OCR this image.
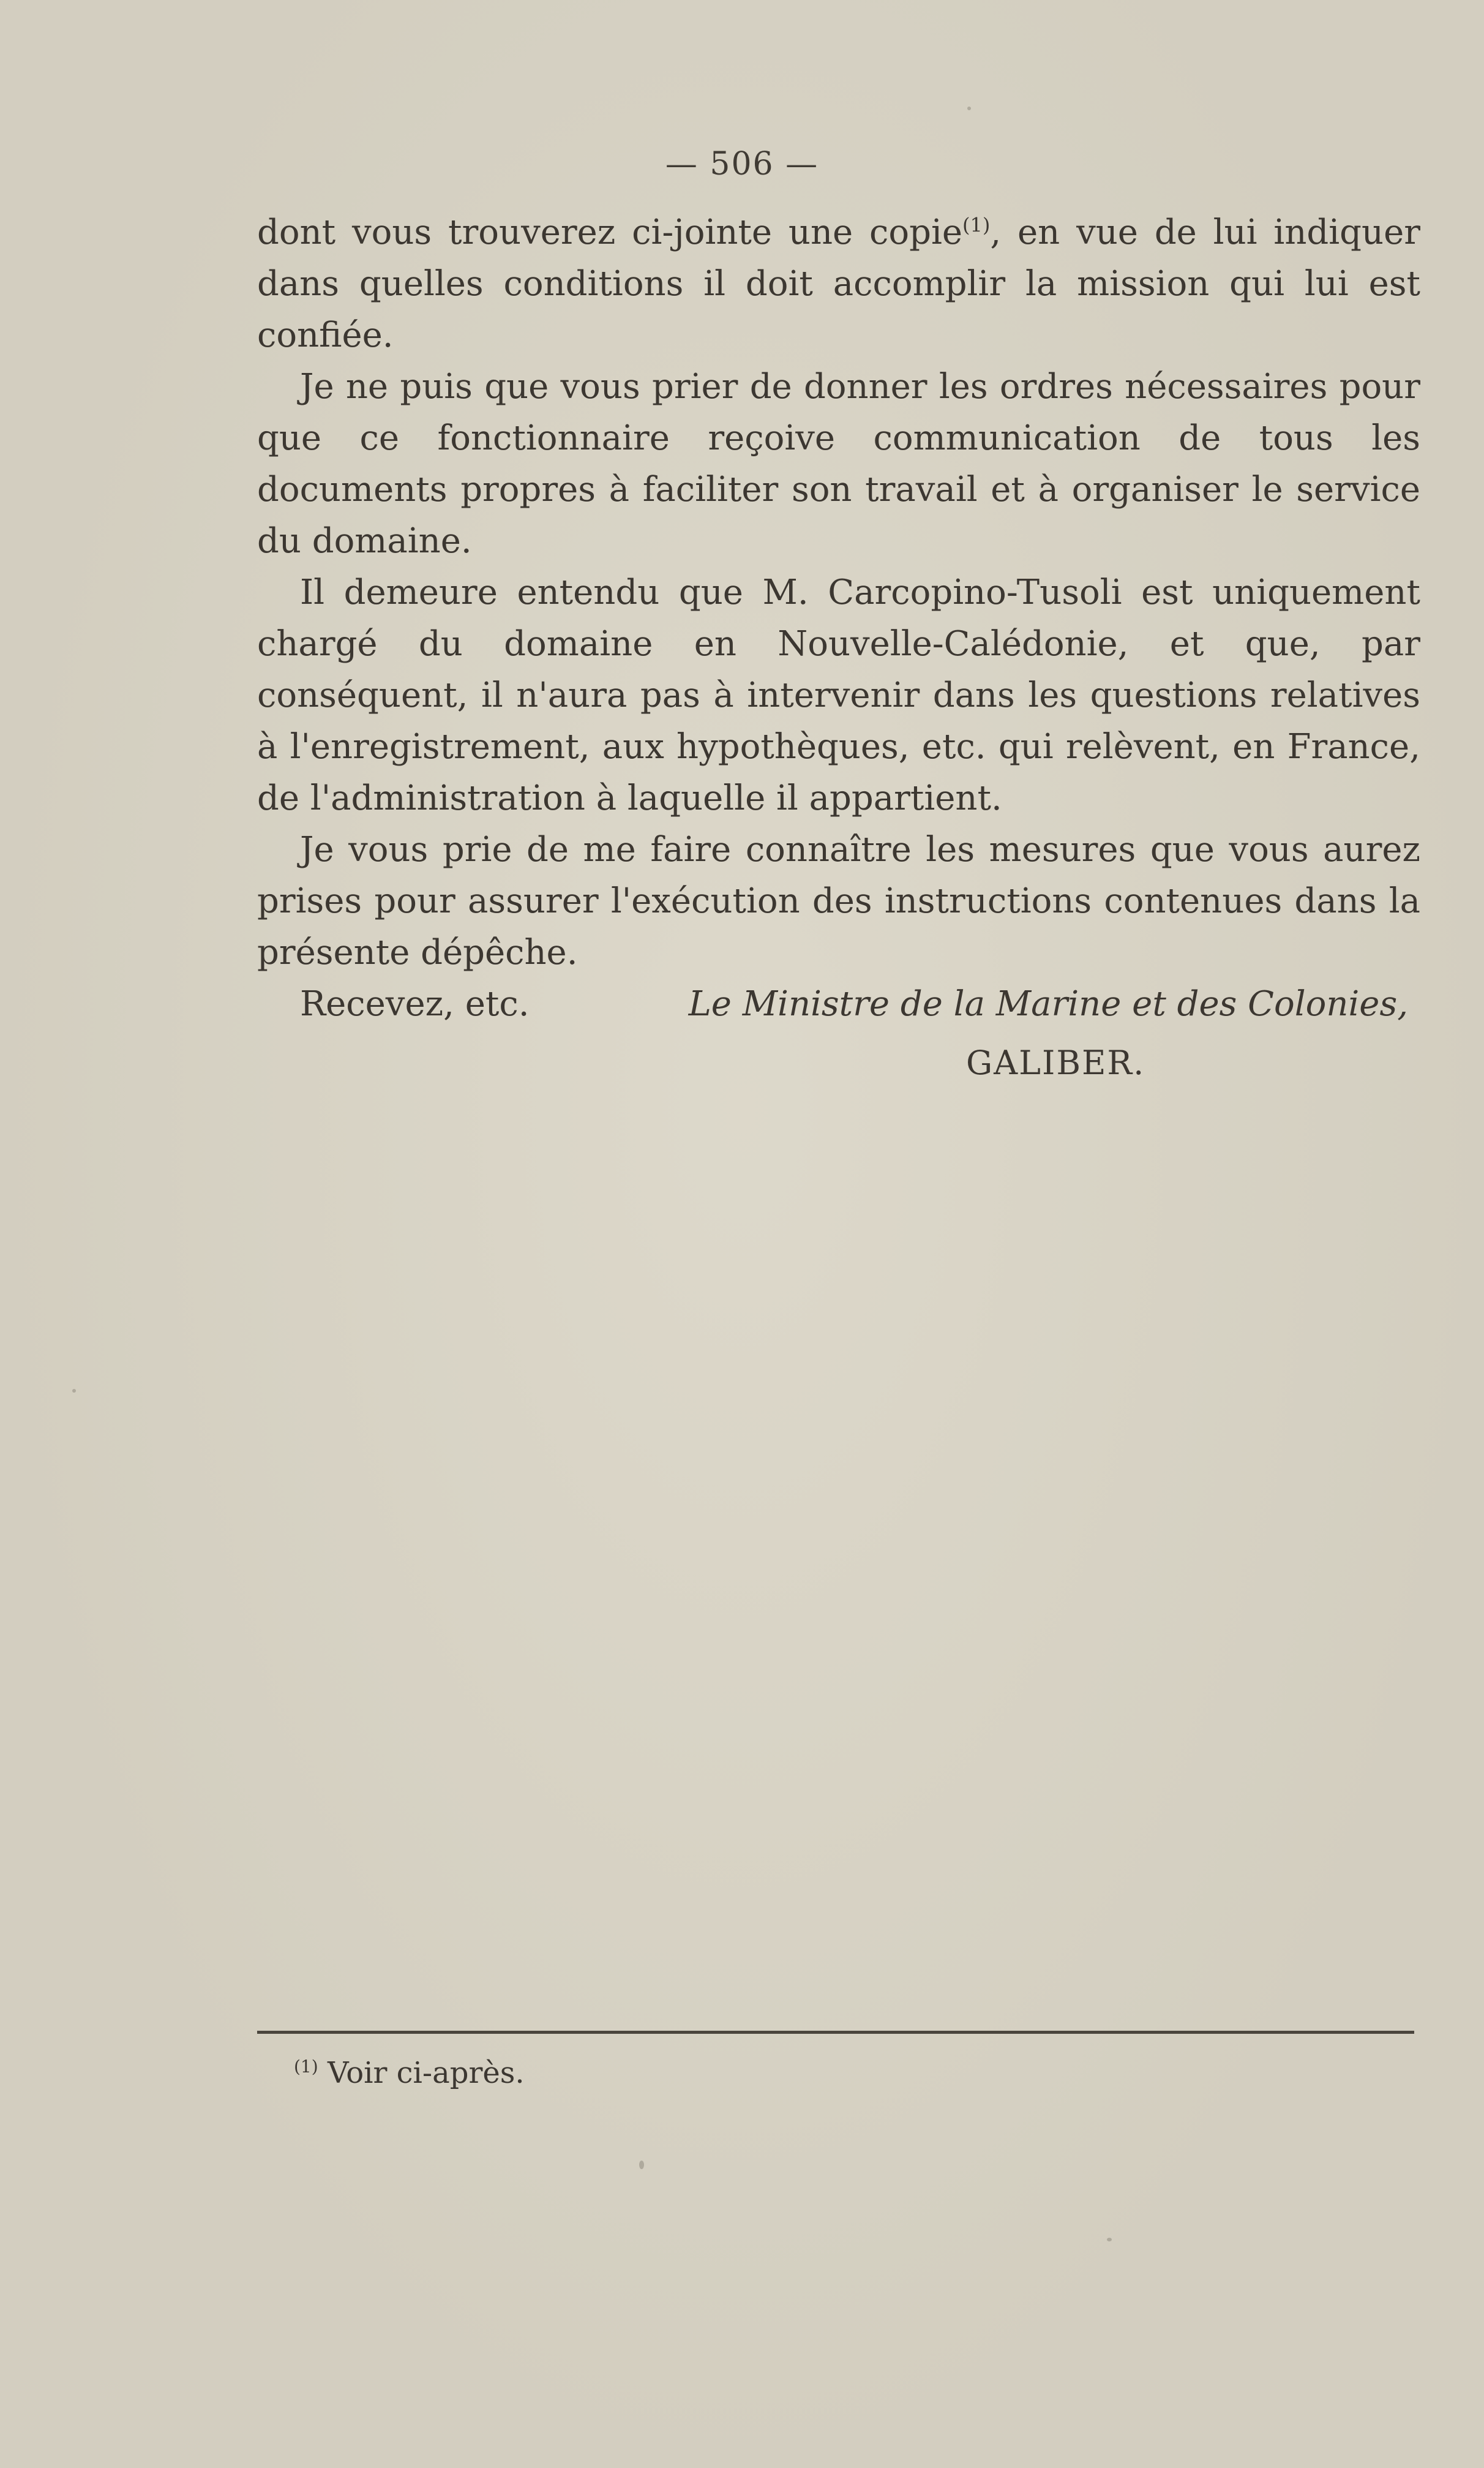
— 506 —

dont vous trouverez ci-jointe une copie$^{(1)}$, en vue de lui indiquer dans quelles conditions il doit accomplir la mission qui lui est confiée.

Je ne puis que vous prier de donner les ordres nécessaires pour que ce fonctionnaire reçoive communication de tous les documents propres à faciliter son travail et à organiser le service du domaine.

Il demeure entendu que M. Carcopino-Tusoli est uniquement chargé du domaine en Nouvelle-Calédonie, et que, par conséquent, il n'aura pas à intervenir dans les questions relatives à l'enregistrement, aux hypothèques, etc. qui relèvent, en France, de l'administration à laquelle il appartient.

Je vous prie de me faire connaître les mesures que vous aurez prises pour assurer l'exécution des instructions contenues dans la présente dépêche.

Recevez, etc.	Le Ministre de la Marine et des Colonies,
GALIBER.
$^{(1)}$ Voir ci-après.
